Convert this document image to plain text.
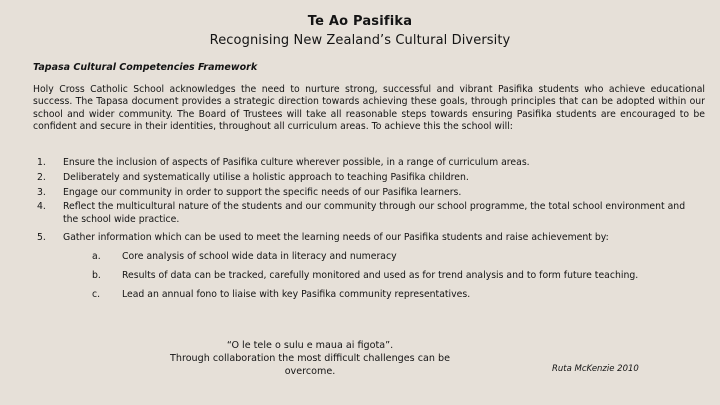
Te Ao Pasifika
Recognising New Zealand’s Cultural Diversity
Tapasa Cultural Competencies Framework

Holy Cross Catholic School acknowledges the need to nurture strong, successful and vibrant Pasifika students who achieve educational success. The Tapasa document provides a strategic direction towards achieving these goals, through principles that can be adopted within our school and wider community. The Board of Trustees will take all reasonable steps towards ensuring Pasifika students are encouraged to be confident and secure in their identities, throughout all curriculum areas. To achieve this the school will:

1.	Ensure the inclusion of aspects of Pasifika culture wherever possible, in a range of curriculum areas.
2.	Deliberately and systematically utilise a holistic approach to teaching Pasifika children.
3.	Engage our community in order to support the specific needs of our Pasifika learners.
4.	Reflect the multicultural nature of the students and our community through our school programme, the total school environment and the school wide practice.
5.	Gather information which can be used to meet the learning needs of our Pasifika students and raise achievement by:
a.	Core analysis of school wide data in literacy and numeracy
b.	Results of data can be tracked, carefully monitored and used as for trend analysis and to form future teaching.
c.	Lead an annual fono to liaise with key Pasifika community representatives.
“O le tele o sulu e maua ai figota”.
Through collaboration the most difficult challenges can be
overcome.	Ruta McKenzie 2010
